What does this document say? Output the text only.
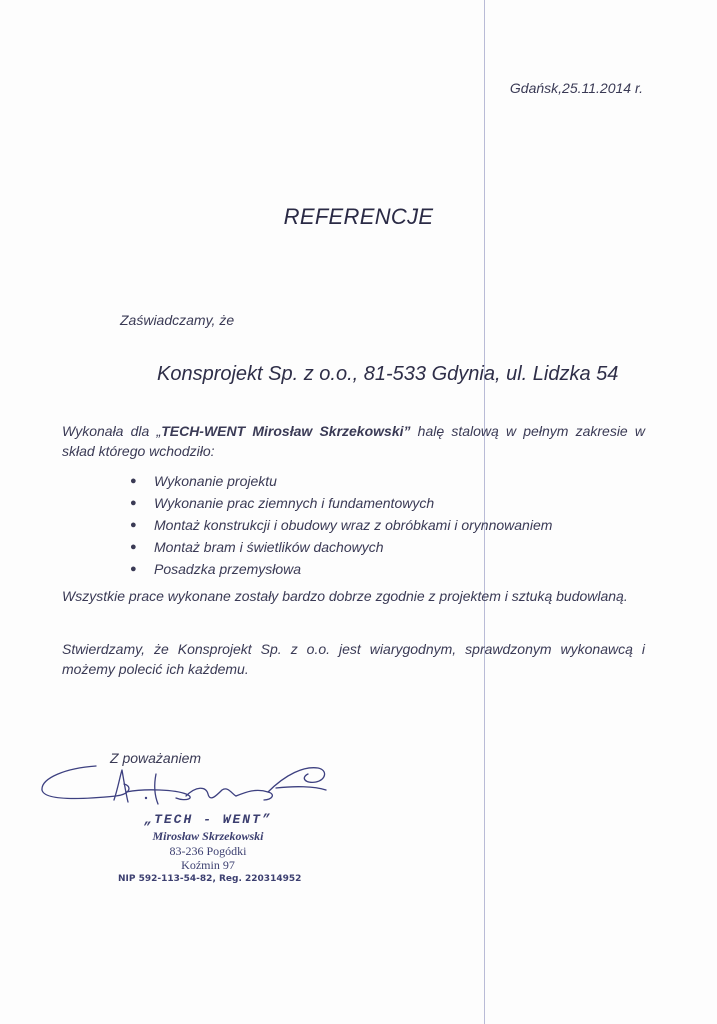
Gdańsk,25.11.2014 r.
REFERENCJE
Zaświadczamy, że
Konsprojekt Sp. z o.o., 81-533 Gdynia, ul. Lidzka 54
Wykonała dla „TECH-WENT Mirosław Skrzekowski” halę stalową w pełnym zakresie w skład którego wchodziło:
● Wykonanie projektu
● Wykonanie prac ziemnych i fundamentowych
● Montaż konstrukcji i obudowy wraz z obróbkami i orynnowaniem
● Montaż bram i świetlików dachowych
● Posadzka przemysłowa
Wszystkie prace wykonane zostały bardzo dobrze zgodnie z projektem i sztuką budowlaną.
Stwierdzamy, że Konsprojekt Sp. z o.o. jest wiarygodnym, sprawdzonym wykonawcą i możemy polecić ich każdemu.
Z poważaniem
„TECH - WENT”
Mirosław Skrzekowski
83-236 Pogódki
Koźmin 97
NIP 592-113-54-82, Reg. 220314952
